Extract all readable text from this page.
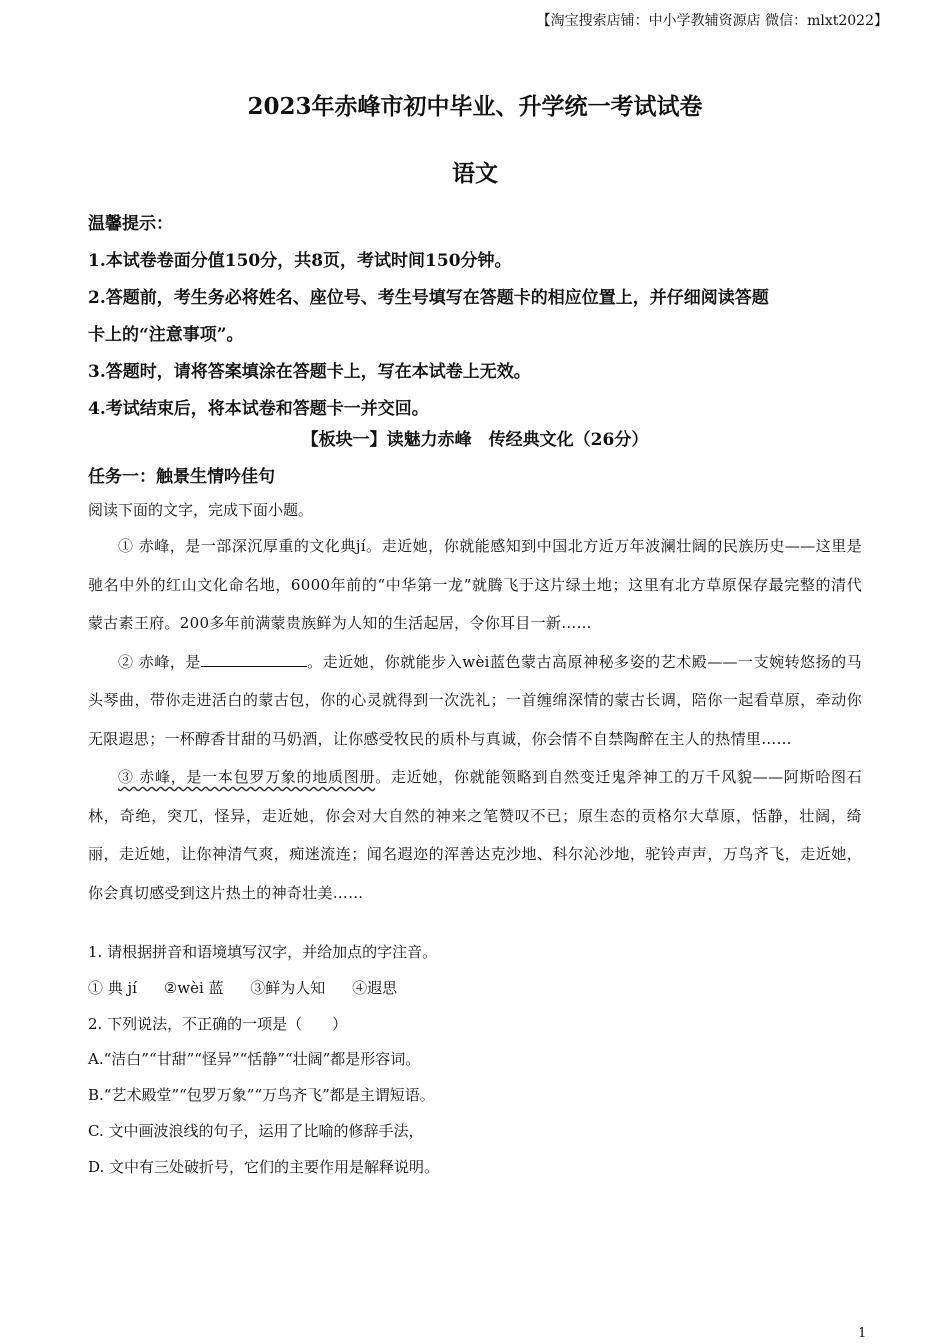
【淘宝搜索店铺：中小学教辅资源店 微信：mlxt2022】
2023年赤峰市初中毕业、升学统一考试试卷
语文
温馨提示：
1.本试卷卷面分值150分，共8页，考试时间150分钟。
2.答题前，考生务必将姓名、座位号、考生号填写在答题卡的相应位置上，并仔细阅读答题
卡上的“注意事项”。
3.答题时，请将答案填涂在答题卡上，写在本试卷上无效。
4.考试结束后，将本试卷和答题卡一并交回。
【板块一】读魅力赤峰　传经典文化（26分）
任务一：触景生情吟佳句
阅读下面的文字，完成下面小题。

① 赤峰，是一部深沉厚重的文化典jí。走近她，你就能感知到中国北方近万年波澜壮阔的民族历史——这里是驰名中外的红山文化命名地，6000年前的“中华第一龙”就腾飞于这片绿土地；这里有北方草原保存最完整的清代蒙古素王府。200多年前满蒙贵族鲜为人知的生活起居，令你耳目一新……

② 赤峰，是	。走近她，你就能步入wèi蓝色蒙古高原神秘多姿的艺术殿——一支婉转悠扬的马头琴曲，带你走进活白的蒙古包，你的心灵就得到一次洗礼；一首缠绵深情的蒙古长调，陪你一起看草原，牵动你无限遐思；一杯醇香甘甜的马奶酒，让你感受牧民的质朴与真诚，你会情不自禁陶醉在主人的热情里……

③ 赤峰，是一本包罗万象的地质图册。走近她，你就能领略到自然变迁鬼斧神工的万千风貌——阿斯哈图石林，奇绝，突兀，怪异，走近她，你会对大自然的神来之笔赞叹不已；原生态的贡格尔大草原，恬静，壮阔，绮丽，走近她，让你神清气爽，痴迷流连；闻名遐迩的浑善达克沙地、科尔沁沙地，驼铃声声，万鸟齐飞，走近她，你会真切感受到这片热土的神奇壮美……

1. 请根据拼音和语境填写汉字，并给加点的字注音。
① 典 jí ②wèi 蓝 ③鲜为人知 ④遐思
2. 下列说法，不正确的一项是（　　）
A.“洁白”“甘甜”“怪异”“恬静”“壮阔”都是形容词。
B.“艺术殿堂”“包罗万象”“万鸟齐飞”都是主谓短语。
C. 文中画波浪线的句子，运用了比喻的修辞手法，
D. 文中有三处破折号，它们的主要作用是解释说明。
1
